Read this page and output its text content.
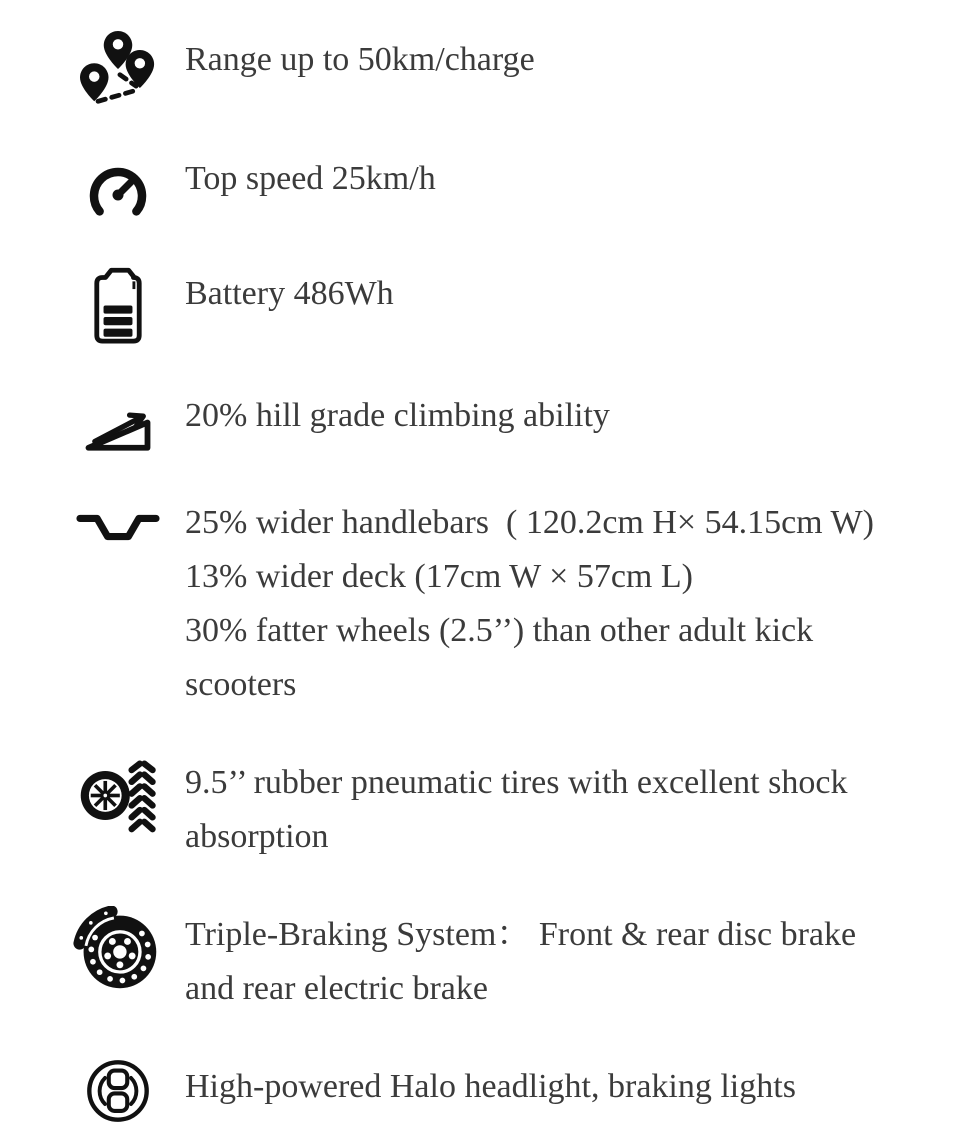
Range up to 50km/charge
Top speed 25km/h
Battery 486Wh
20% hill grade climbing ability
25% wider handlebars  ( 120.2cm H× 54.15cm W)
13% wider deck (17cm W × 57cm L)
30% fatter wheels (2.5’’) than other adult kick
scooters
9.5’’ rubber pneumatic tires with excellent shock
absorption
Triple-Braking System： Front & rear disc brake
and rear electric brake
High-powered Halo headlight, braking lights
